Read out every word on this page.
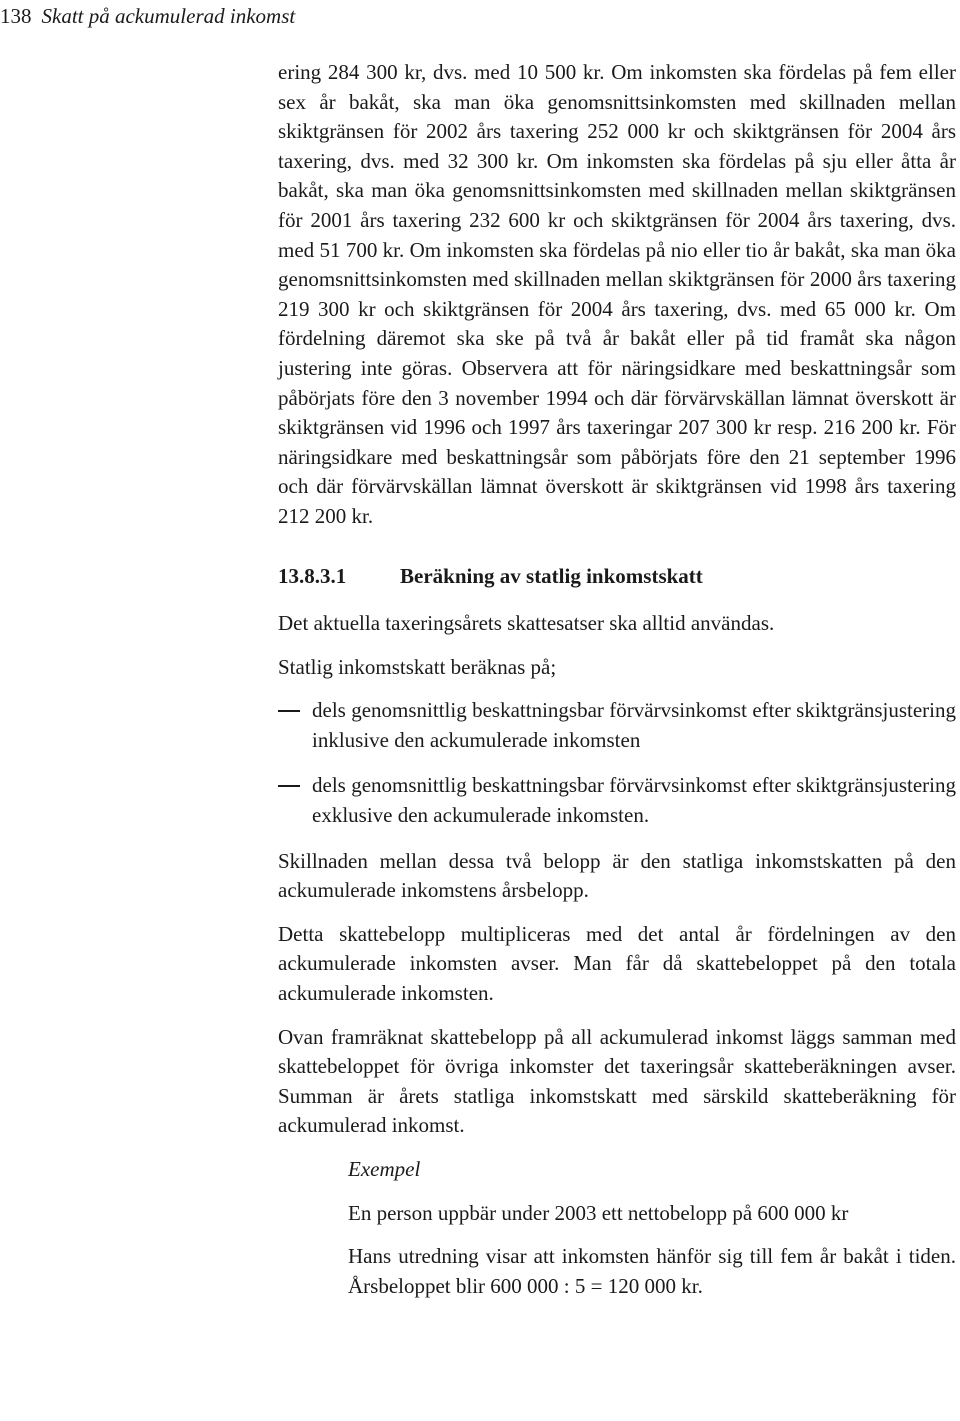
138 Skatt på ackumulerad inkomst

ering 284 300 kr, dvs. med 10 500 kr. Om inkomsten ska fördelas på fem eller sex år bakåt, ska man öka genomsnittsinkomsten med skillnaden mellan skiktgränsen för 2002 års taxering 252 000 kr och skiktgränsen för 2004 års taxering, dvs. med 32 300 kr. Om inkomsten ska fördelas på sju eller åtta år bakåt, ska man öka genomsnittsinkomsten med skillnaden mellan skiktgränsen för 2001 års taxering 232 600 kr och skiktgränsen för 2004 års taxering, dvs. med 51 700 kr. Om inkomsten ska fördelas på nio eller tio år bakåt, ska man öka genomsnittsinkomsten med skillnaden mellan skiktgränsen för 2000 års taxering 219 300 kr och skiktgränsen för 2004 års taxering, dvs. med 65 000 kr. Om fördelning däremot ska ske på två år bakåt eller på tid framåt ska någon justering inte göras. Observera att för näringsidkare med beskattningsår som påbörjats före den 3 november 1994 och där förvärvskällan lämnat överskott är skiktgränsen vid 1996 och 1997 års taxeringar 207 300 kr resp. 216 200 kr. För näringsidkare med beskattningsår som påbörjats före den 21 september 1996 och där förvärvskällan lämnat överskott är skiktgränsen vid 1998 års taxering 212 200 kr.

13.8.3.1	Beräkning av statlig inkomstskatt

Det aktuella taxeringsårets skattesatser ska alltid användas.

Statlig inkomstskatt beräknas på;

dels genomsnittlig beskattningsbar förvärvsinkomst efter skiktgränsjustering inklusive den ackumulerade inkomsten
dels genomsnittlig beskattningsbar förvärvsinkomst efter skiktgränsjustering exklusive den ackumulerade inkomsten.

Skillnaden mellan dessa två belopp är den statliga inkomstskatten på den ackumulerade inkomstens årsbelopp.

Detta skattebelopp multipliceras med det antal år fördelningen av den ackumulerade inkomsten avser. Man får då skattebeloppet på den totala ackumulerade inkomsten.

Ovan framräknat skattebelopp på all ackumulerad inkomst läggs samman med skattebeloppet för övriga inkomster det taxeringsår skatteberäkningen avser. Summan är årets statliga inkomstskatt med särskild skatteberäkning för ackumulerad inkomst.

Exempel

En person uppbär under 2003 ett nettobelopp på 600 000 kr

Hans utredning visar att inkomsten hänför sig till fem år bakåt i tiden. Årsbeloppet blir 600 000 : 5 = 120 000 kr.
